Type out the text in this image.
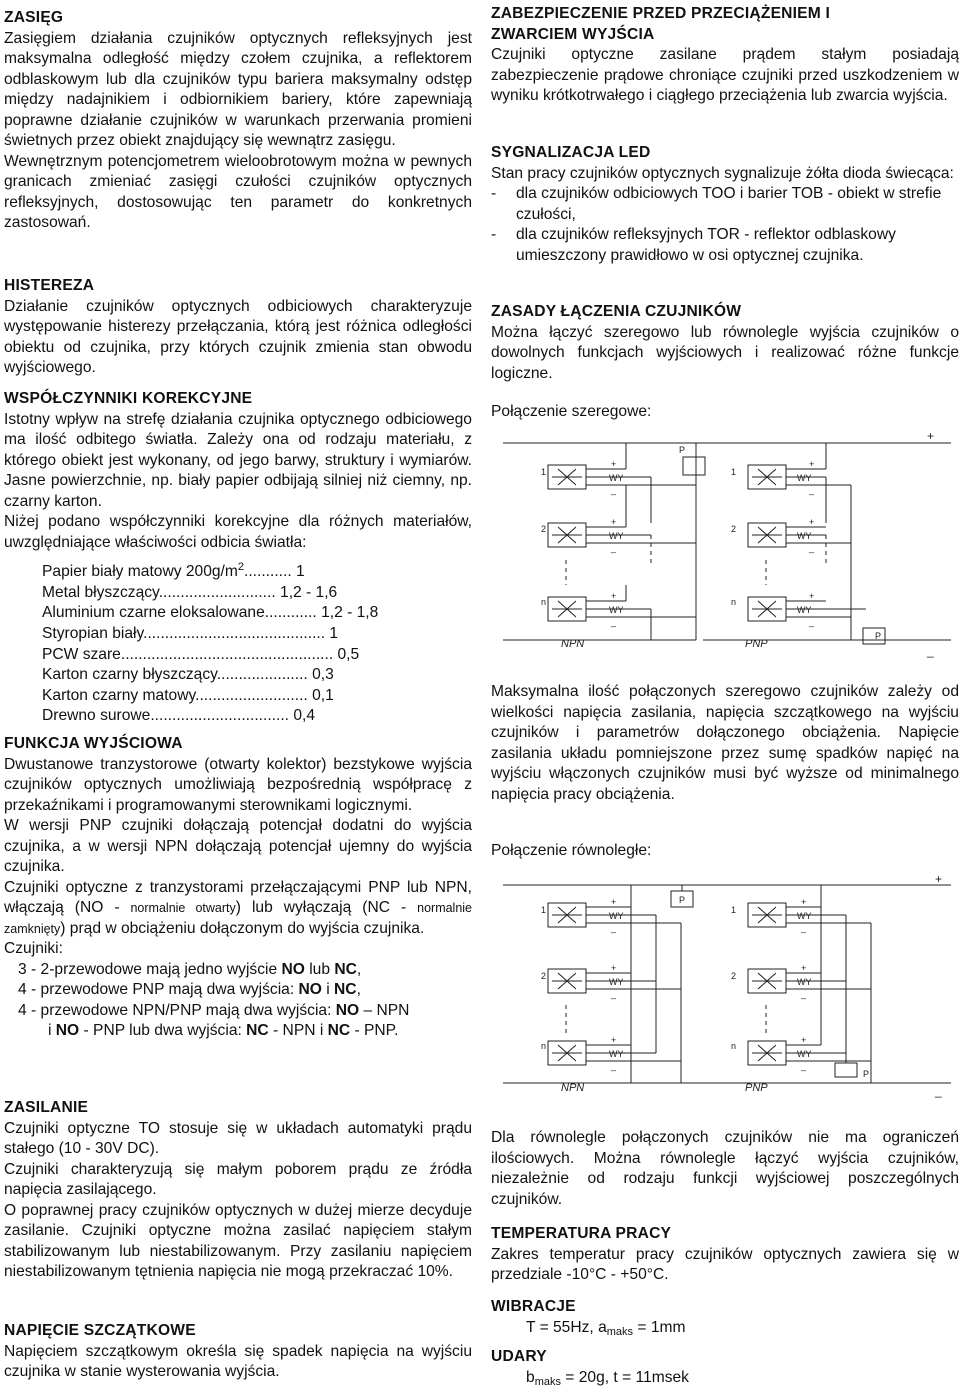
ZASIĘG

Zasięgiem działania czujników optycznych refleksyjnych jest maksymalna odległość między czołem czujnika, a reflektorem odblaskowym lub dla czujników typu bariera maksymalny odstęp między nadajnikiem i odbiornikiem bariery, które zapewniają poprawne działanie czujników w warunkach przerwania promieni świetnych przez obiekt znajdujący się wewnątrz zasięgu.

Wewnętrznym potencjometrem wieloobrotowym można w pewnych granicach zmieniać zasięgi czułości czujników optycznych refleksyjnych, dostosowując ten parametr do konkretnych zastosowań.

HISTEREZA

Działanie czujników optycznych odbiciowych charakteryzuje występowanie histerezy przełączania, którą jest różnica odległości obiektu od czujnika, przy których czujnik zmienia stan obwodu wyjściowego.

WSPÓŁCZYNNIKI KOREKCYJNE

Istotny wpływ na strefę działania czujnika optycznego odbiciowego ma ilość odbitego światła. Zależy ona od rodzaju materiału, z którego obiekt jest wykonany, od jego barwy, struktury i wymiarów. Jasne powierzchnie, np. biały papier odbijają silniej niż ciemny, np. czarny karton.

Niżej podano współczynniki korekcyjne dla różnych materiałów, uwzględniające właściwości odbicia światła:

Papier biały matowy $200g/m^2$........... 1
Metal błyszczący........................... 1,2 - 1,6
Aluminium czarne eloksalowane............ 1,2 - 1,8
Styropian biały.......................................... 1
PCW szare................................................. 0,5
Karton czarny błyszczący..................... 0,3
Karton czarny matowy.......................... 0,1
Drewno surowe................................ 0,4
FUNKCJA WYJŚCIOWA

Dwustanowe tranzystorowe (otwarty kolektor) bezstykowe wyjścia czujników optycznych umożliwiają bezpośrednią współpracę z przekaźnikami i programowanymi sterownikami logicznymi.

W wersji PNP czujniki dołączają potencjał dodatni do wyjścia czujnika, a w wersji NPN dołączają potencjał ujemny do wyjścia czujnika.

Czujniki optyczne z tranzystorami przełączającymi PNP lub NPN, włączają (NO - normalnie otwarty) lub wyłączają (NC - normalnie zamknięty) prąd w obciążeniu dołączonym do wyjścia czujnika.

Czujniki:

3 - 2-przewodowe mają jedno wyjście NO lub NC,
4 - przewodowe PNP mają dwa wyjścia: NO i NC,
4 - przewodowe NPN/PNP mają dwa wyjścia: NO – NPN
i NO - PNP lub dwa wyjścia: NC - NPN i NC - PNP.
ZASILANIE

Czujniki optyczne TO stosuje się w układach automatyki prądu stałego (10 - 30V DC).

Czujniki charakteryzują się małym poborem prądu ze źródła napięcia zasilającego.

O poprawnej pracy czujników optycznych w dużej mierze decyduje zasilanie. Czujniki optyczne można zasilać napięciem stałym stabilizowanym lub niestabilizowanym. Przy zasilaniu napięciem niestabilizowanym tętnienia napięcia nie mogą przekraczać 10%.

NAPIĘCIE SZCZĄTKOWE

Napięciem szczątkowym określa się spadek napięcia na wyjściu czujnika w stanie wysterowania wyjścia.

ZABEZPIECZENIE PRZED PRZECIĄŻENIEM I
ZWARCIEM WYJŚCIA

Czujniki optyczne zasilane prądem stałym posiadają zabezpieczenie prądowe chroniące czujniki przed uszkodzeniem w wyniku krótkotrwałego i ciągłego przeciążenia lub zwarcia wyjścia.

SYGNALIZACJA LED

Stan pracy czujników optycznych sygnalizuje żółta dioda świecąca:

- dla czujników odbiciowych TOO i barier TOB - obiekt w strefie czułości,
- dla czujników refleksyjnych TOR - reflektor odblaskowy umieszczony prawidłowo w osi optycznej czujnika.
ZASADY ŁĄCZENIA CZUJNIKÓW

Można łączyć szeregowo lub równolegle wyjścia czujników o dowolnych funkcjach wyjściowych i realizować różne funkcje logiczne.

Połączenie szeregowe:

1
2
n
1
2
n
+
WY
_
+
WY
_
+
WY
_
+
WY
_
+
WY
_
+
WY
_
P
P
+
_
NPN	PNP

Maksymalna ilość połączonych szeregowo czujników zależy od wielkości napięcia zasilania, napięcia szczątkowego na wyjściu czujników i parametrów dołączonego obciążenia. Napięcie zasilania układu pomniejszone przez sumę spadków napięć na wyjściu włączonych czujników musi być wyższe od minimalnego napięcia pracy obciążenia.

Połączenie równoległe:

1
2
n
1
2
n
+
WY
_
+
WY
_
+
WY
_
+
WY
_
+
WY
_
+
WY
_
P
P
+
_
NPN	PNP

Dla równolegle połączonych czujników nie ma ograniczeń ilościowych. Można równolegle łączyć wyjścia czujników, niezależnie od rodzaju funkcji wyjściowej poszczególnych czujników.

TEMPERATURA PRACY

Zakres temperatur pracy czujników optycznych zawiera się w przedziale -10°C - +50°C.

WIBRACJE
T = 55Hz, $a_{maks} = 1mm$
UDARY
$b_{maks} = 20g$, t = 11msek
